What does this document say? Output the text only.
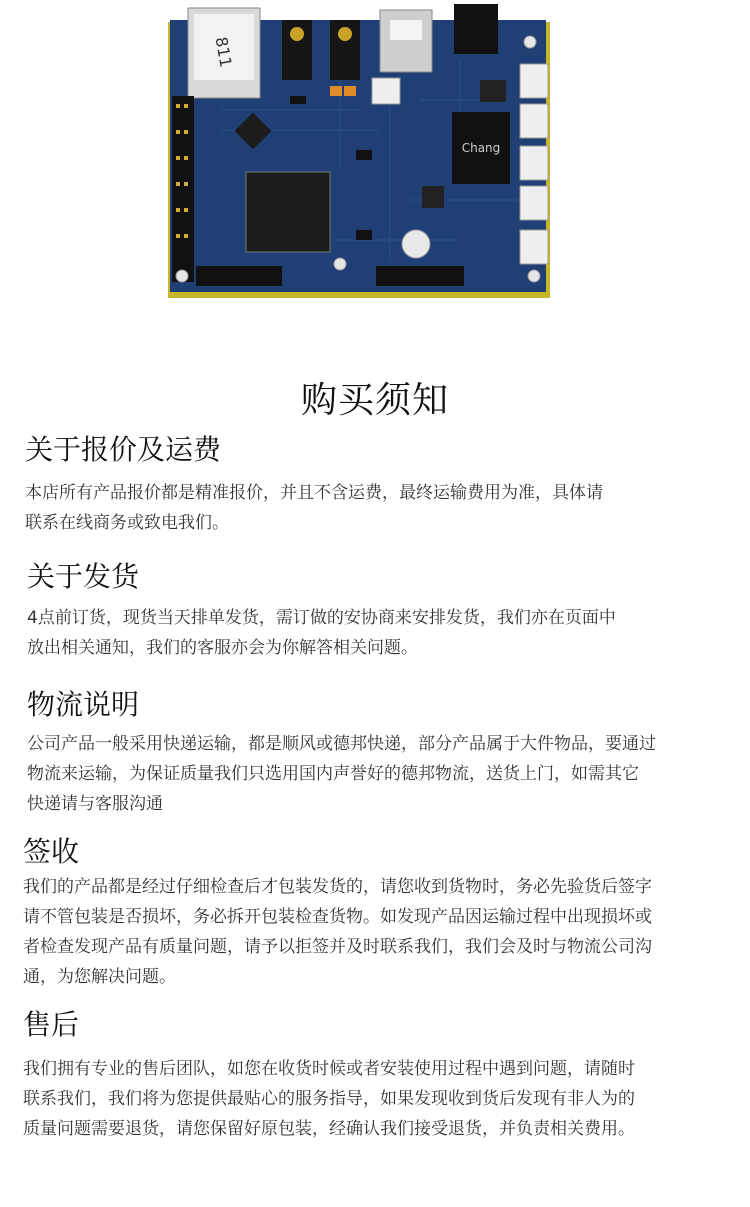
811
Chang
购买须知
关于报价及运费
本店所有产品报价都是精准报价，并且不含运费，最终运输费用为准，具体请
联系在线商务或致电我们。
关于发货
4点前订货，现货当天排单发货，需订做的安协商来安排发货，我们亦在页面中
放出相关通知，我们的客服亦会为你解答相关问题。
物流说明
公司产品一般采用快递运输，都是顺风或德邦快递，部分产品属于大件物品，要通过
物流来运输，为保证质量我们只选用国内声誉好的德邦物流，送货上门，如需其它
快递请与客服沟通
签收
我们的产品都是经过仔细检查后才包装发货的，请您收到货物时，务必先验货后签字
请不管包装是否损坏，务必拆开包装检查货物。如发现产品因运输过程中出现损坏或
者检查发现产品有质量问题，请予以拒签并及时联系我们，我们会及时与物流公司沟
通，为您解决问题。
售后
我们拥有专业的售后团队，如您在收货时候或者安装使用过程中遇到问题，请随时
联系我们，我们将为您提供最贴心的服务指导，如果发现收到货后发现有非人为的
质量问题需要退货，请您保留好原包装，经确认我们接受退货，并负责相关费用。
